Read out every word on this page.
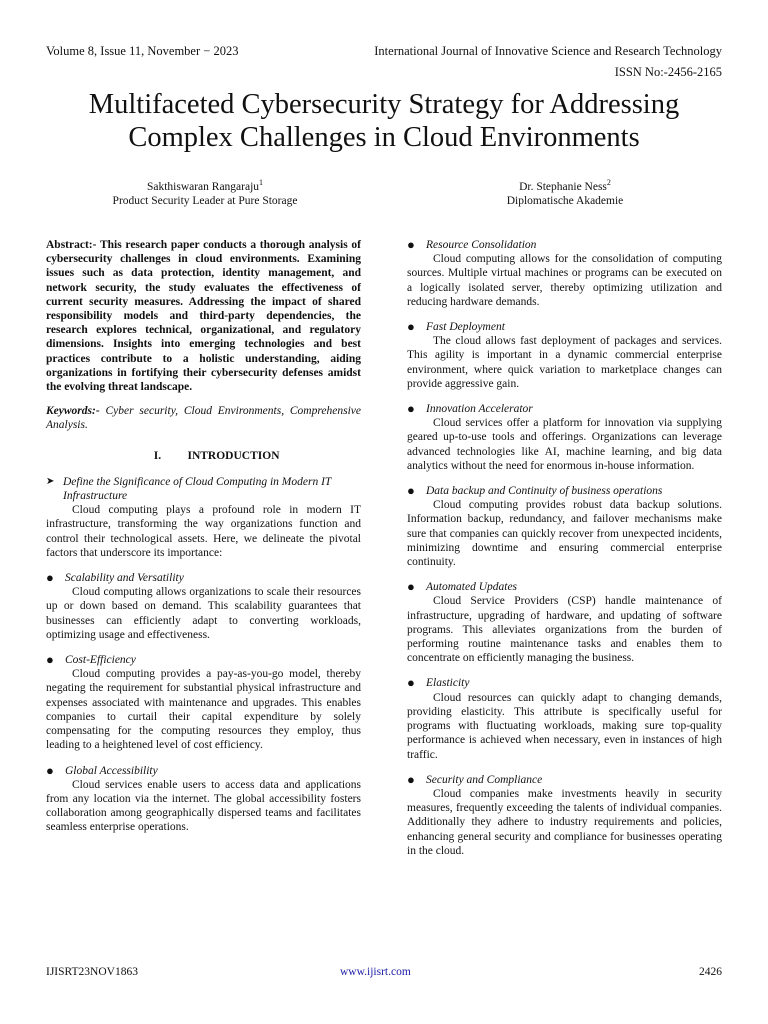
Volume 8, Issue 11, November − 2023	International Journal of Innovative Science and Research Technology
ISSN No:-2456-2165
Multifaceted Cybersecurity Strategy for Addressing
Complex Challenges in Cloud Environments
Sakthiswaran Rangaraju$^1$
Product Security Leader at Pure Storage
Dr. Stephanie Ness$^2$
Diplomatische Akademie
Abstract:- This research paper conducts a thorough analysis of cybersecurity challenges in cloud environments. Examining issues such as data protection, identity management, and network security, the study evaluates the effectiveness of current security measures. Addressing the impact of shared responsibility models and third-party dependencies, the research explores technical, organizational, and regulatory dimensions. Insights into emerging technologies and best practices contribute to a holistic understanding, aiding organizations in fortifying their cybersecurity defenses amidst the evolving threat landscape.
Keywords:- Cyber security, Cloud Environments, Comprehensive Analysis.
I. INTRODUCTION
➤ Define the Significance of Cloud Computing in Modern IT Infrastructure
Cloud computing plays a profound role in modern IT infrastructure, transforming the way organizations function and control their technological assets. Here, we delineate the pivotal factors that underscore its importance:
● Scalability and Versatility
Cloud computing allows organizations to scale their resources up or down based on demand. This scalability guarantees that businesses can efficiently adapt to converting workloads, optimizing usage and effectiveness.
● Cost-Efficiency
Cloud computing provides a pay-as-you-go model, thereby negating the requirement for substantial physical infrastructure and expenses associated with maintenance and upgrades. This enables companies to curtail their capital expenditure by solely compensating for the computing resources they employ, thus leading to a heightened level of cost efficiency.
● Global Accessibility
Cloud services enable users to access data and applications from any location via the internet. The global accessibility fosters collaboration among geographically dispersed teams and facilitates seamless enterprise operations.
● Resource Consolidation
Cloud computing allows for the consolidation of computing sources. Multiple virtual machines or programs can be executed on a logically isolated server, thereby optimizing utilization and reducing hardware demands.
● Fast Deployment
The cloud allows fast deployment of packages and services. This agility is important in a dynamic commercial enterprise environment, where quick variation to marketplace changes can provide aggressive gain.
● Innovation Accelerator
Cloud services offer a platform for innovation via supplying geared up-to-use tools and offerings. Organizations can leverage advanced technologies like AI, machine learning, and big data analytics without the need for enormous in-house information.
● Data backup and Continuity of business operations
Cloud computing provides robust data backup solutions. Information backup, redundancy, and failover mechanisms make sure that companies can quickly recover from unexpected incidents, minimizing downtime and ensuring commercial enterprise continuity.
● Automated Updates
Cloud Service Providers (CSP) handle maintenance of infrastructure, upgrading of hardware, and updating of software programs. This alleviates organizations from the burden of performing routine maintenance tasks and enables them to concentrate on efficiently managing the business.
● Elasticity
Cloud resources can quickly adapt to changing demands, providing elasticity. This attribute is specifically useful for programs with fluctuating workloads, making sure top-quality performance is achieved when necessary, even in instances of high traffic.
● Security and Compliance
Cloud companies make investments heavily in security measures, frequently exceeding the talents of individual companies. Additionally they adhere to industry requirements and policies, enhancing general security and compliance for businesses operating in the cloud.
IJISRT23NOV1863	www.ijisrt.com	2426
